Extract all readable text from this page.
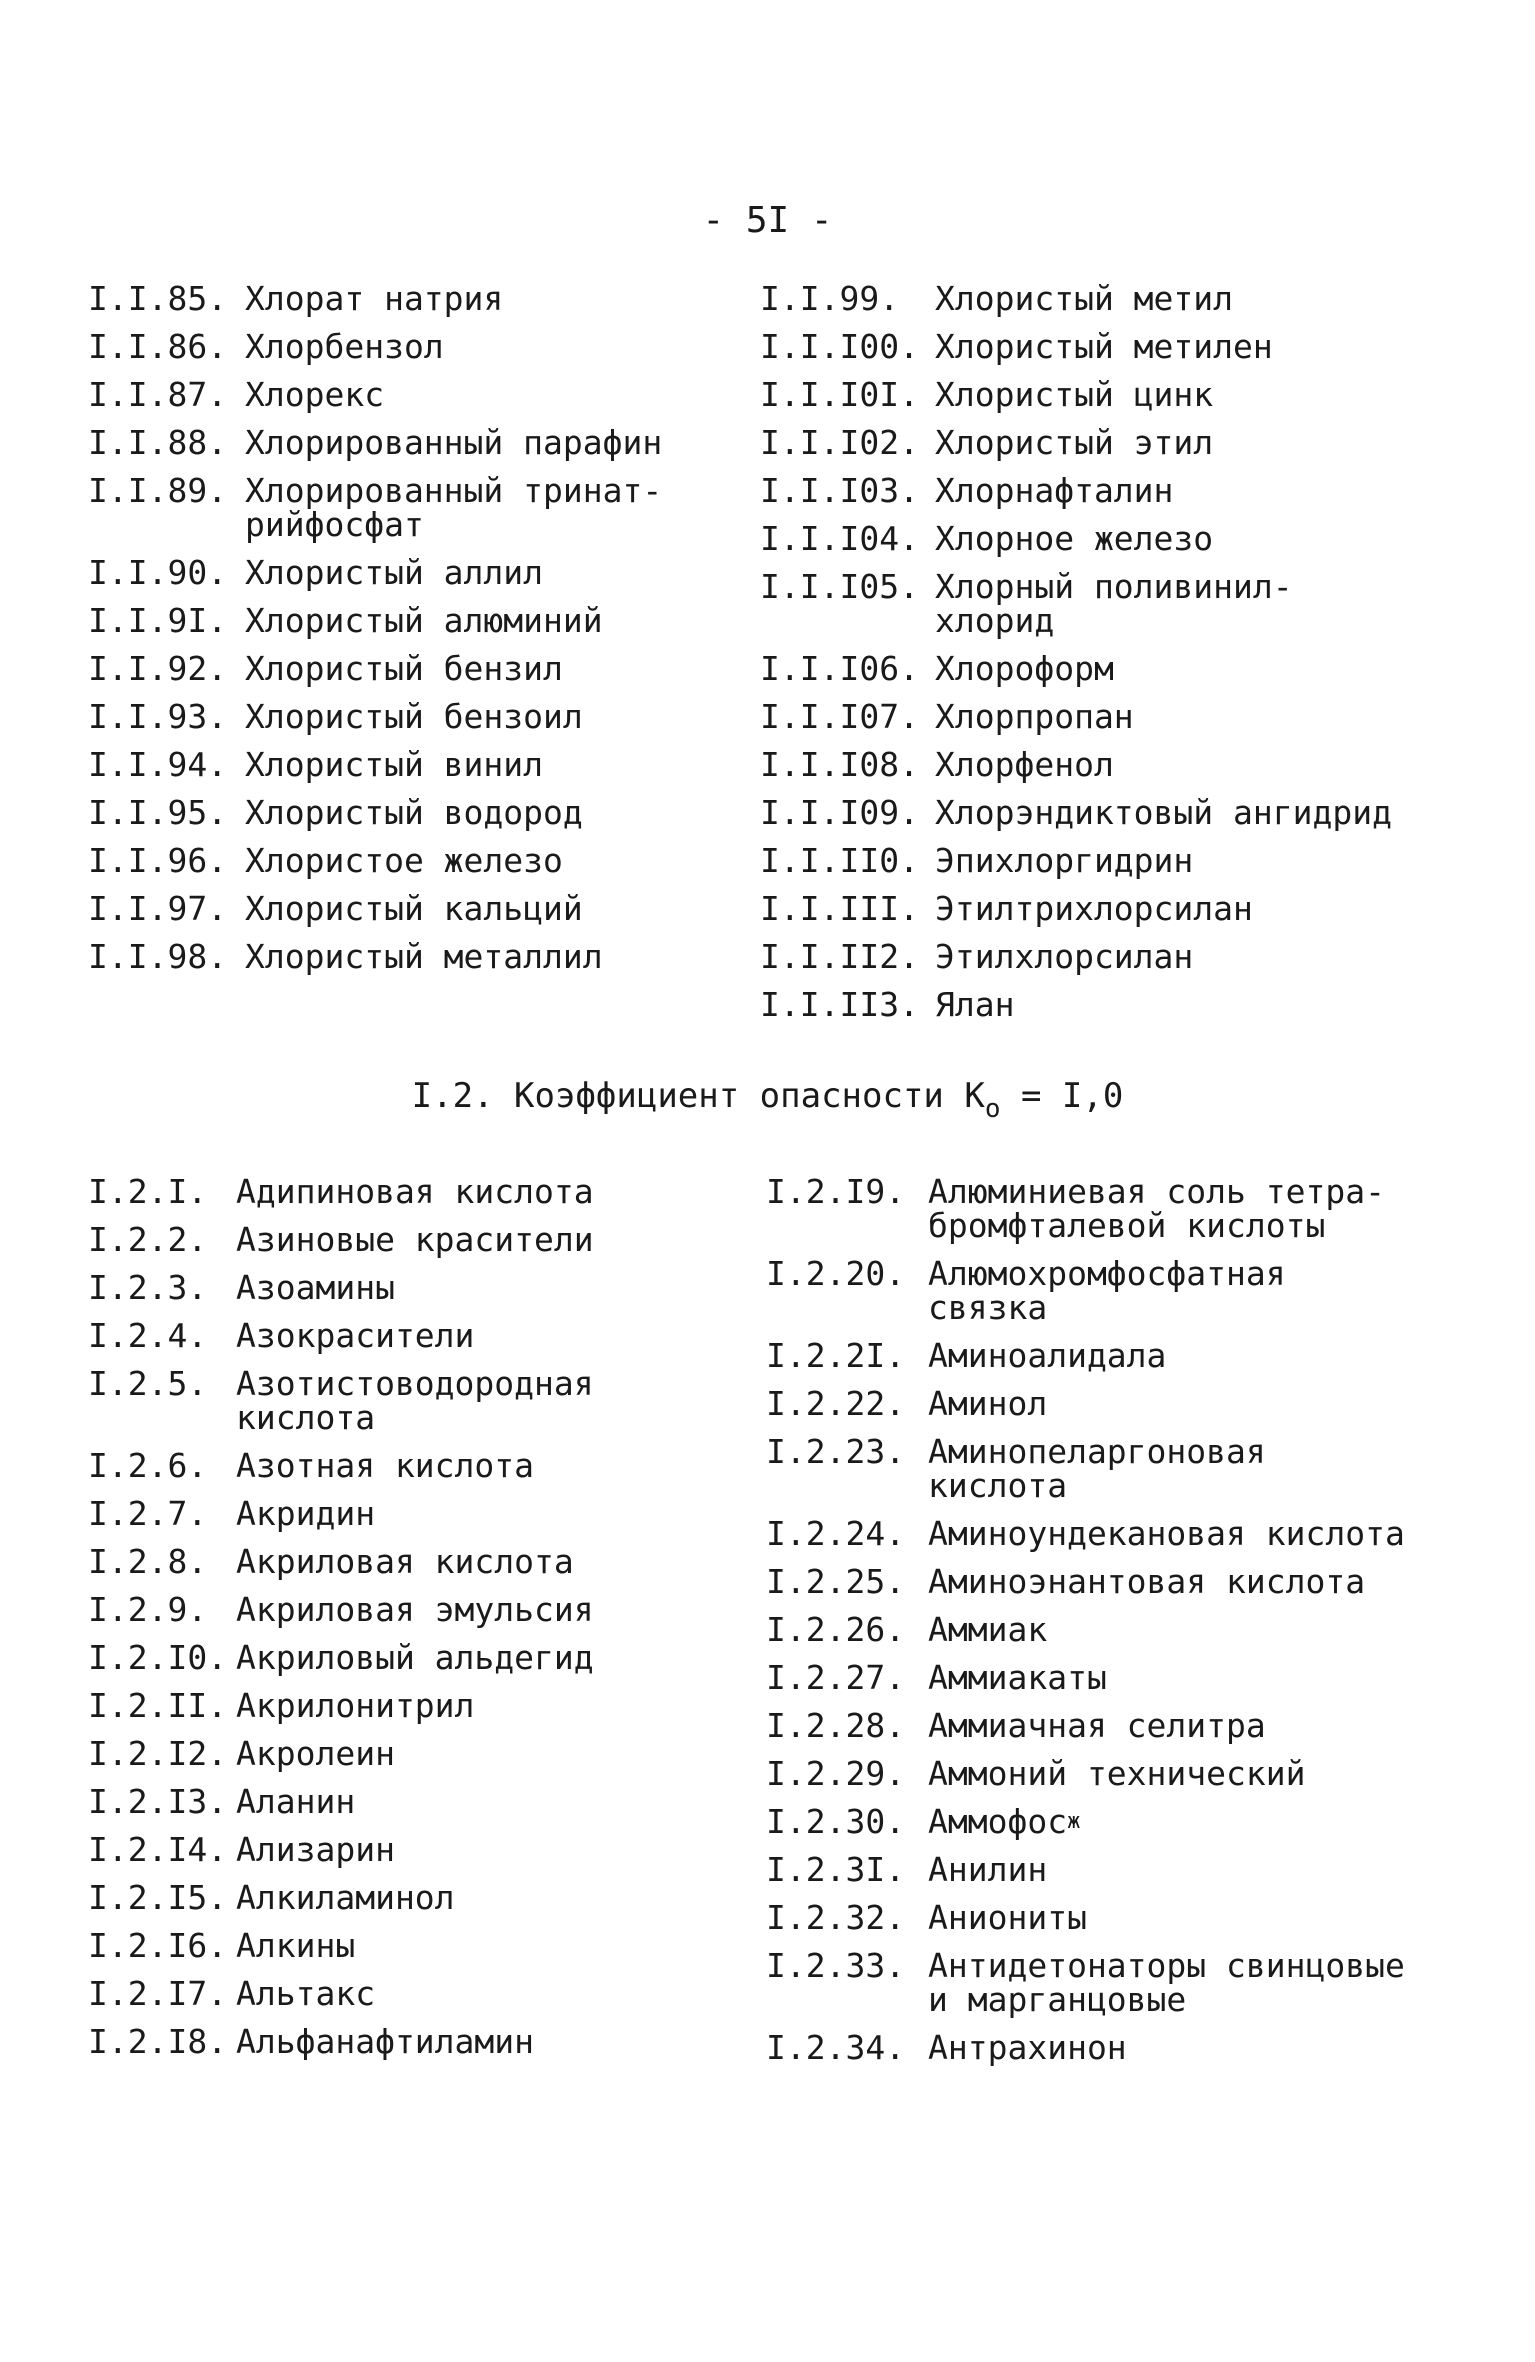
- 5I -
I.I.85. Хлорат натрия
I.I.86. Хлорбензол
I.I.87. Хлорекс
I.I.88. Хлорированный парафин
I.I.89. Хлорированный тринат-
рийфосфат
I.I.90. Хлористый аллил
I.I.9I. Хлористый алюминий
I.I.92. Хлористый бензил
I.I.93. Хлористый бензоил
I.I.94. Хлористый винил
I.I.95. Хлористый водород
I.I.96. Хлористое железо
I.I.97. Хлористый кальций
I.I.98. Хлористый металлил
I.I.99.	Хлористый метил
I.I.I00. Хлористый метилен
I.I.I0I. Хлористый цинк
I.I.I02. Хлористый этил
I.I.I03. Хлорнафталин
I.I.I04. Хлорное железо
I.I.I05. Хлорный поливинил-
хлорид
I.I.I06. Хлороформ
I.I.I07. Хлорпропан
I.I.I08. Хлорфенол
I.I.I09. Хлорэндиктовый ангидрид
I.I.II0. Эпихлоргидрин
I.I.III. Этилтрихлорсилан
I.I.II2. Этилхлорсилан
I.I.II3. Ялан
I.2. Коэффициент опасности $К_о = I,0$
I.2.I. Адипиновая кислота
I.2.2. Азиновые красители
I.2.3. Азоамины
I.2.4. Азокрасители
I.2.5. Азотистоводородная
кислота
I.2.6. Азотная кислота
I.2.7. Акридин
I.2.8. Акриловая кислота
I.2.9. Акриловая эмульсия
I.2.I0. Акриловый альдегид
I.2.II. Акрилонитрил
I.2.I2. Акролеин
I.2.I3. Аланин
I.2.I4. Ализарин
I.2.I5. Алкиламинол
I.2.I6. Алкины
I.2.I7. Альтакс
I.2.I8. Альфанафтиламин
I.2.I9. Алюминиевая соль тетра-
бромфталевой кислоты
I.2.20. Алюмохромфосфатная
связка
I.2.2I. Аминоалидала
I.2.22. Аминол
I.2.23. Аминопеларгоновая
кислота
I.2.24. Аминоундекановая кислота
I.2.25. Аминоэнантовая кислота
I.2.26. Аммиак
I.2.27. Аммиакаты
I.2.28. Аммиачная селитра
I.2.29. Аммоний технический
I.2.30. Аммофос ж
I.2.3I. Анилин
I.2.32. Аниониты
I.2.33. Антидетонаторы свинцовые
и марганцовые
I.2.34. Антрахинон
